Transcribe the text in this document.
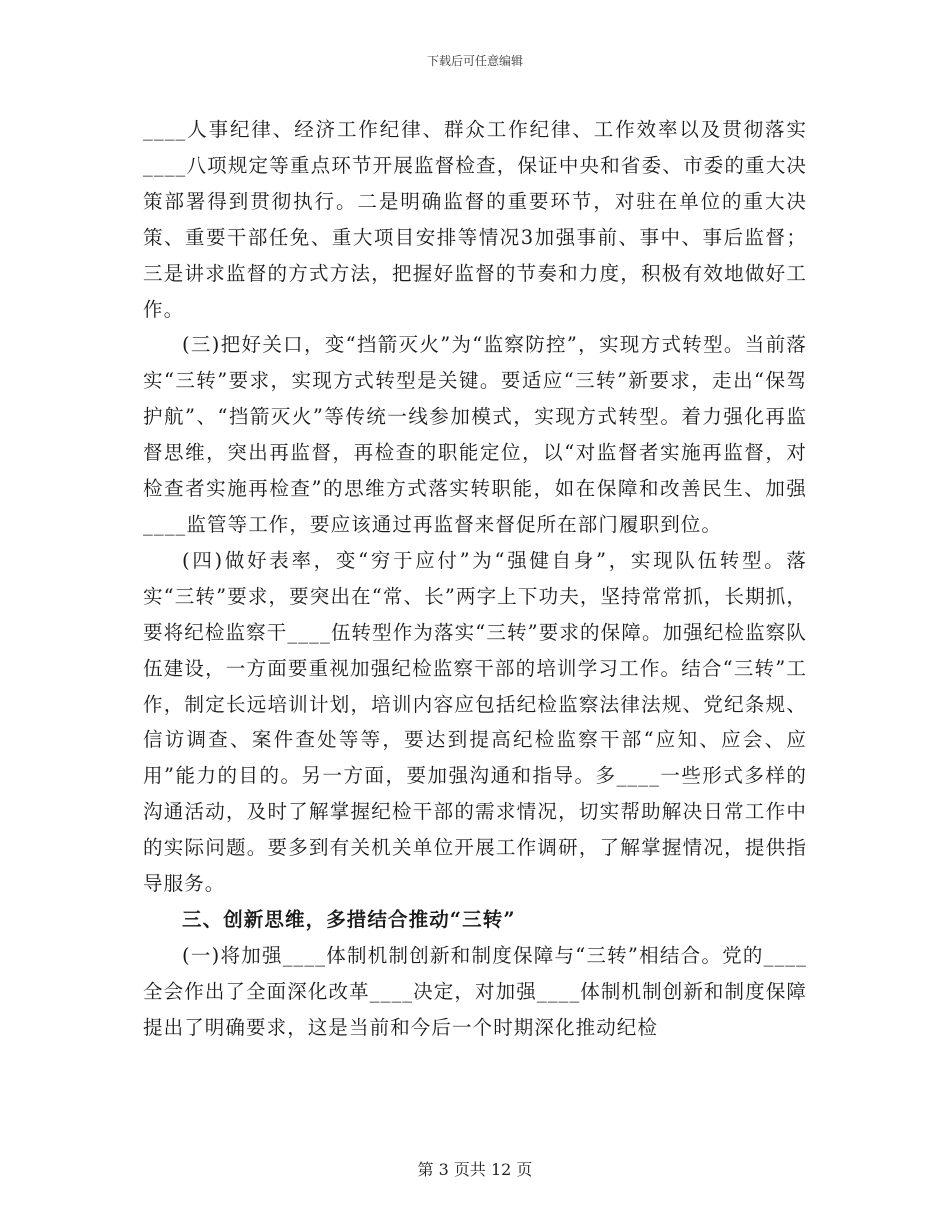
下载后可任意编辑

____人事纪律、经济工作纪律、群众工作纪律、工作效率以及贯彻落实____八项规定等重点环节开展监督检查，保证中央和省委、市委的重大决策部署得到贯彻执行。二是明确监督的重要环节，对驻在单位的重大决策、重要干部任免、重大项目安排等情况3加强事前、事中、事后监督；三是讲求监督的方式方法，把握好监督的节奏和力度，积极有效地做好工作。

(三)把好关口，变“挡箭灭火”为“监察防控”，实现方式转型。当前落实“三转”要求，实现方式转型是关键。要适应“三转”新要求，走出“保驾护航”、“挡箭灭火”等传统一线参加模式，实现方式转型。着力强化再监督思维，突出再监督，再检查的职能定位，以“对监督者实施再监督，对检查者实施再检查”的思维方式落实转职能，如在保障和改善民生、加强____监管等工作，要应该通过再监督来督促所在部门履职到位。

(四)做好表率，变“穷于应付”为“强健自身”，实现队伍转型。落实“三转”要求，要突出在“常、长”两字上下功夫，坚持常常抓，长期抓，要将纪检监察干____伍转型作为落实“三转”要求的保障。加强纪检监察队伍建设，一方面要重视加强纪检监察干部的培训学习工作。结合“三转”工作，制定长远培训计划，培训内容应包括纪检监察法律法规、党纪条规、信访调查、案件查处等等，要达到提高纪检监察干部“应知、应会、应用”能力的目的。另一方面，要加强沟通和指导。多____一些形式多样的沟通活动，及时了解掌握纪检干部的需求情况，切实帮助解决日常工作中的实际问题。要多到有关机关单位开展工作调研，了解掌握情况，提供指导服务。

三、创新思维，多措结合推动“三转”

(一)将加强____体制机制创新和制度保障与“三转”相结合。党的____全会作出了全面深化改革____决定，对加强____体制机制创新和制度保障提出了明确要求，这是当前和今后一个时期深化推动纪检

第 3 页共 12 页
